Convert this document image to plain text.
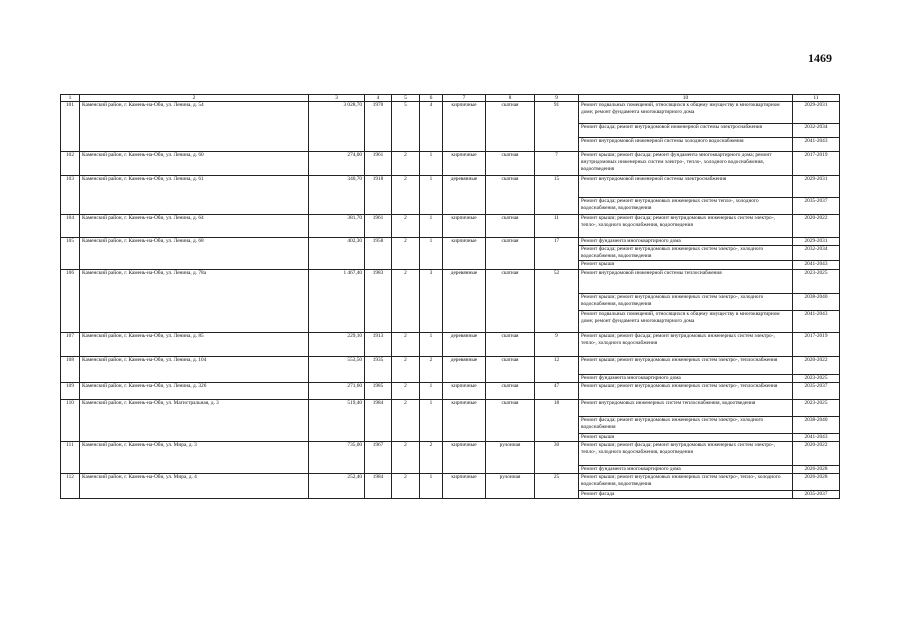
1469
1	2	3	4	5	6	7	8	9	10	11
101	Каменский район, г. Камень-на-Оби, ул. Ленина, д. 54	3 028,70	1970	5	4	кирпичные	скатная	91	Ремонт подвальных помещений, относящихся к общему имуществу в многоквартирном доме; ремонт фундамента многоквартирного дома	2029-2031
									Ремонт фасада; ремонт внутридомовой инженерной системы электроснабжения	2032-2034
									Ремонт внутридомовой инженерной системы холодного водоснабжения	2041-2043
102	Каменский район, г. Камень-на-Оби, ул. Ленина, д. 60	274,00	1961	2	1	кирпичные	скатная	7	Ремонт крыши; ремонт фасада; ремонт фундамента многоквартирного дома; ремонт внутридомовых инженерных систем электро-, тепло-, холодного водоснабжения, водоотведения	2017-2019
103	Каменский район, г. Камень-на-Оби, ул. Ленина, д. 61	340,70	1918	2	1	деревянные	скатная	15	Ремонт внутридомовой инженерной системы электроснабжения	2029-2031
									Ремонт фасада; ремонт внутридомовых инженерных систем тепло-, холодного водоснабжения, водоотведения	2035-2037
104	Каменский район, г. Камень-на-Оби, ул. Ленина, д. 64	381,70	1961	2	1	кирпичные	скатная	11	Ремонт крыши; ремонт фасада; ремонт внутридомовых инженерных систем электро-, тепло-, холодного водоснабжения, водоотведения	2020-2022
105	Каменский район, г. Камень-на-Оби, ул. Ленина, д. 68	402,30	1958	2	1	кирпичные	скатная	17	Ремонт фундамента многоквартирного дома	2029-2031
									Ремонт фасада; ремонт внутридомовых инженерных систем электро-, холодного водоснабжения, водоотведения	2032-2034
									Ремонт крыши	2041-2043
106	Каменский район, г. Камень-на-Оби, ул. Ленина, д. 78а	1 467,40	1983	2	3	деревянные	скатная	52	Ремонт внутридомовой инженерной системы теплоснабжения	2023-2025
									Ремонт крыши; ремонт внутридомовых инженерных систем электро-, холодного водоснабжения, водоотведения	2038-2040
									Ремонт подвальных помещений, относящихся к общему имуществу в многоквартирном доме; ремонт фундамента многоквартирного дома	2041-2043
107	Каменский район, г. Камень-на-Оби, ул. Ленина, д. 85	229,10	1913	2	1	деревянные	скатная	9	Ремонт крыши; ремонт фасада; ремонт внутридомовых инженерных систем электро-, тепло-, холодного водоснабжения	2017-2019
108	Каменский район, г. Камень-на-Оби, ул. Ленина, д. 104	553,50	1935	2	2	деревянные	скатная	12	Ремонт крыши; ремонт внутридомовых инженерных систем электро-, теплоснабжения	2020-2022
									Ремонт фундамента многоквартирного дома	2023-2025
109	Каменский район, г. Камень-на-Оби, ул. Ленина, д. 326	271,60	1985	2	1	кирпичные	скатная	47	Ремонт крыши; ремонт внутридомовых инженерных систем электро-, теплоснабжения	2035-2037
110	Каменский район, г. Камень-на-Оби, ул. Магистральная, д. 3	519,40	1984	2	1	кирпичные	скатная	18	Ремонт внутридомовых инженерных систем теплоснабжения, водоотведения	2023-2025
									Ремонт фасада; ремонт внутридомовых инженерных систем электро-, холодного водоснабжения	2038-2040
									Ремонт крыши	2041-2043
111	Каменский район, г. Камень-на-Оби, ул. Мира, д. 3	735,00	1967	2	2	кирпичные	рулонная	30	Ремонт крыши; ремонт фасада; ремонт внутридомовых инженерных систем электро-, тепло-, холодного водоснабжения, водоотведения	2020-2022
									Ремонт фундамента многоквартирного дома	2026-2028
112	Каменский район, г. Камень-на-Оби, ул. Мира, д. 4	252,40	1984	2	1	кирпичные	рулонная	25	Ремонт крыши; ремонт внутридомовых инженерных систем электро-, тепло-, холодного водоснабжения, водоотведения	2026-2028
									Ремонт фасада	2035-2037
